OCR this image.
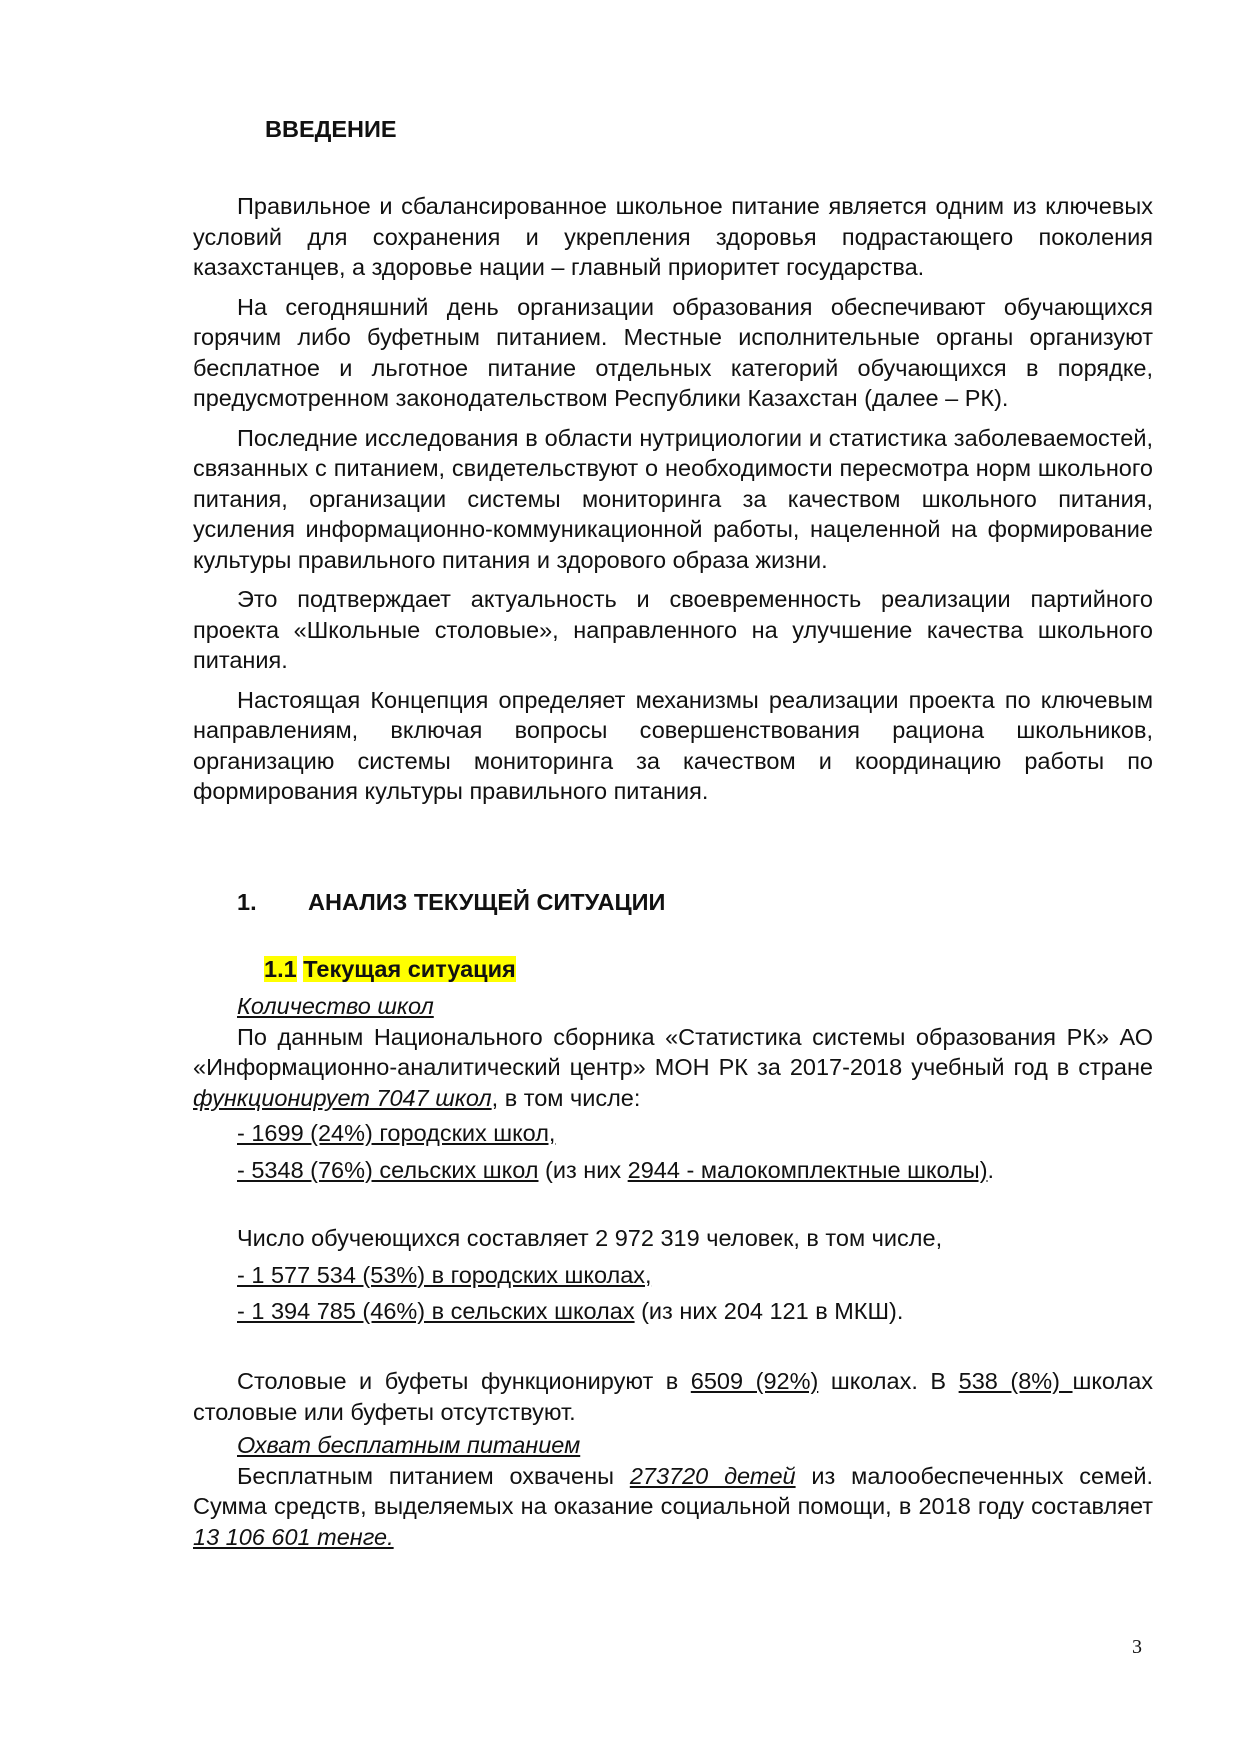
ВВЕДЕНИЕ

Правильное и сбалансированное школьное питание является одним из ключевых условий для сохранения и укрепления здоровья подрастающего поколения казахстанцев, а здоровье нации – главный приоритет государства.

На сегодняшний день организации образования обеспечивают обучающихся горячим либо буфетным питанием. Местные исполнительные органы организуют бесплатное и льготное питание отдельных категорий обучающихся в порядке, предусмотренном законодательством Республики Казахстан (далее – РК).

Последние исследования в области нутрициологии и статистика заболеваемостей, связанных с питанием, свидетельствуют о необходимости пересмотра норм школьного питания, организации системы мониторинга за качеством школьного питания, усиления информационно-коммуникационной работы, нацеленной на формирование культуры правильного питания и здорового образа жизни.

Это подтверждает актуальность и своевременность реализации партийного проекта «Школьные столовые», направленного на улучшение качества школьного питания.

Настоящая Концепция определяет механизмы реализации проекта по ключевым направлениям, включая вопросы совершенствования рациона школьников, организацию системы мониторинга за качеством и координацию работы по формирования культуры правильного питания.

1. АНАЛИЗ ТЕКУЩЕЙ СИТУАЦИИ
1.1 Текущая ситуация

Количество школ

По данным Национального сборника «Статистика системы образования РК» АО «Информационно-аналитический центр» МОН РК за 2017-2018 учебный год в стране функционирует 7047 школ, в том числе:

- 1699 (24%) городских школ,

- 5348 (76%) сельских школ (из них 2944 - малокомплектные школы).

Число обучеющихся составляет 2 972 319 человек, в том числе,

- 1 577 534 (53%) в городских школах,

- 1 394 785 (46%) в сельских школах (из них 204 121 в МКШ).

Столовые и буфеты функционируют в 6509 (92%) школах. В 538 (8%) школах столовые или буфеты отсутствуют.

Охват бесплатным питанием

Бесплатным питанием охвачены 273720 детей из малообеспеченных семей. Сумма средств, выделяемых на оказание социальной помощи, в 2018 году составляет 13 106 601 тенге.

3
